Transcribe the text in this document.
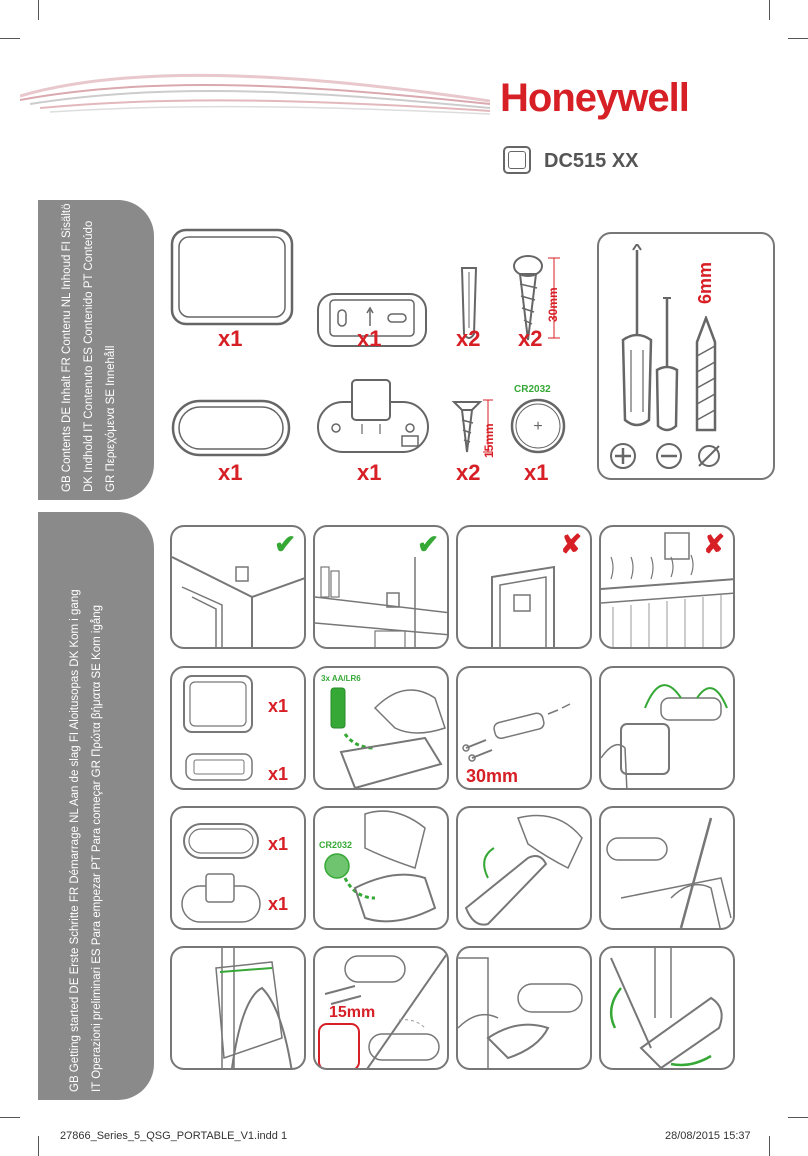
Honeywell
DC515 XX
GB Contents DE Inhalt FR Contenu NL Inhoud FI Sisältö DK Indhold IT Contenuto ES Contenido PT Conteúdo GR Περιεχόμενα SE Innehåll
x1	x1	x2
30mm
x2
x1	x1
15mm
x2
CR2032
+
x1
6mm
GB Getting started DE Erste Schritte FR Démarrage NL Aan de slag FI Aloitusopas DK Kom i gang IT Operazioni preliminari ES Para empezar PT Para começar GR Πρώτα βήματα SE Kom igång
✔	✔	✘	✘
x1
x1
3x AA/LR6
30mm
x1
x1
CR2032
15mm
27866_Series_5_QSG_PORTABLE_V1.indd 1	28/08/2015 15:37
